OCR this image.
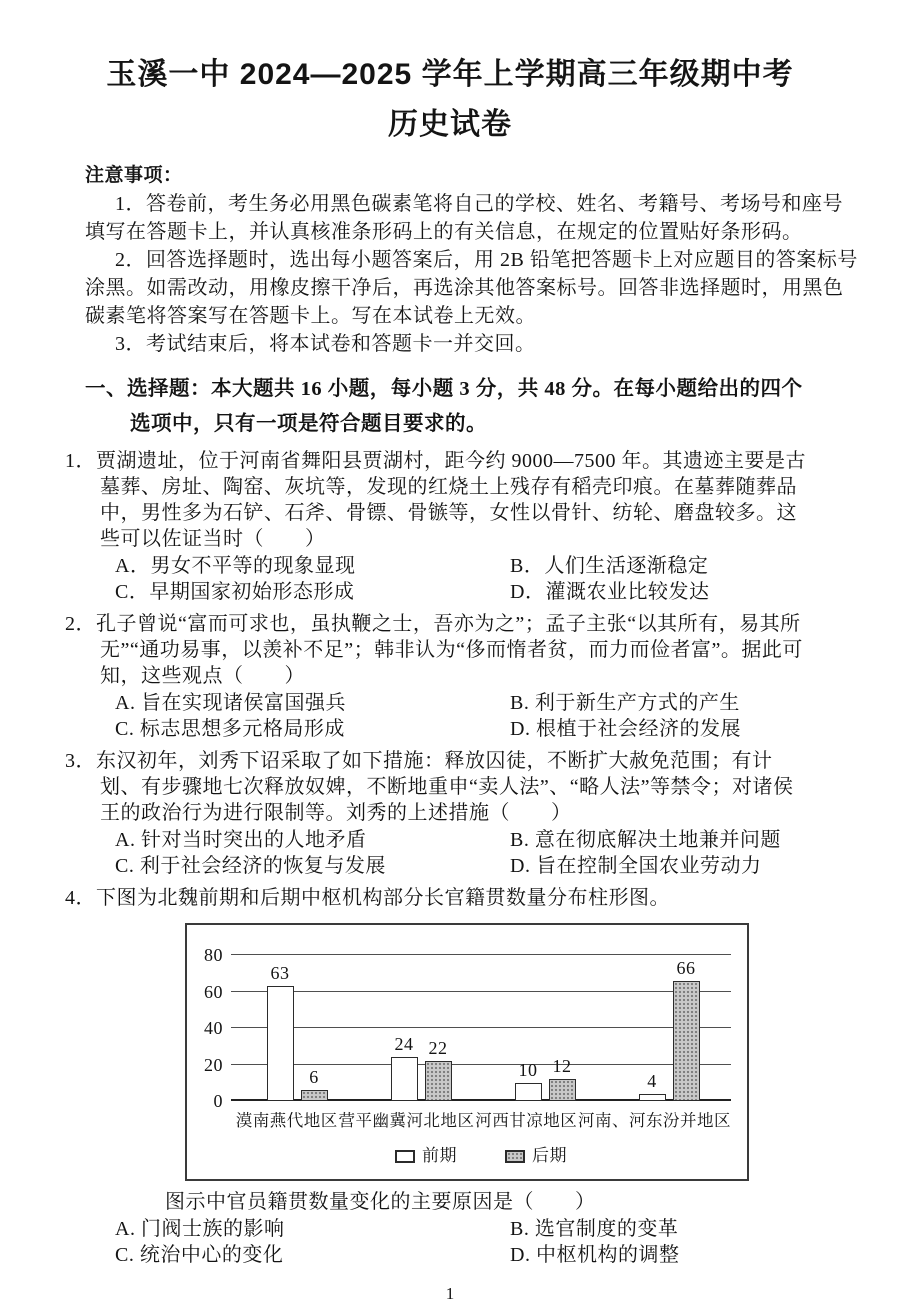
玉溪一中 2024—2025 学年上学期高三年级期中考
历史试卷
注意事项：

1．答卷前，考生务必用黑色碳素笔将自己的学校、姓名、考籍号、考场号和座号填写在答题卡上，并认真核准条形码上的有关信息，在规定的位置贴好条形码。

2．回答选择题时，选出每小题答案后，用 2B 铅笔把答题卡上对应题目的答案标号涂黑。如需改动，用橡皮擦干净后，再选涂其他答案标号。回答非选择题时，用黑色碳素笔将答案写在答题卡上。写在本试卷上无效。

3．考试结束后，将本试卷和答题卡一并交回。

一、选择题：本大题共 16 小题，每小题 3 分，共 48 分。在每小题给出的四个
选项中，只有一项是符合题目要求的。

1．贾湖遗址，位于河南省舞阳县贾湖村，距今约 9000—7500 年。其遗迹主要是古墓葬、房址、陶窑、灰坑等，发现的红烧土上残存有稻壳印痕。在墓葬随葬品中，男性多为石铲、石斧、骨镖、骨镞等，女性以骨针、纺轮、磨盘较多。这些可以佐证当时（　　）

A．男女不平等的现象显现	B．人们生活逐渐稳定
C．早期国家初始形态形成	D．灌溉农业比较发达

2．孔子曾说“富而可求也，虽执鞭之士，吾亦为之”；孟子主张“以其所有，易其所无”“通功易事，以羡补不足”；韩非认为“侈而惰者贫，而力而俭者富”。据此可知，这些观点（　　）

A. 旨在实现诸侯富国强兵	B. 利于新生产方式的产生
C. 标志思想多元格局形成	D. 根植于社会经济的发展

3．东汉初年，刘秀下诏采取了如下措施：释放囚徒，不断扩大赦免范围；有计划、有步骤地七次释放奴婢，不断地重申“卖人法”、“略人法”等禁令；对诸侯王的政治行为进行限制等。刘秀的上述措施（　　）

A. 针对当时突出的人地矛盾	B. 意在彻底解决土地兼并问题
C. 利于社会经济的恢复与发展	D. 旨在控制全国农业劳动力

4．下图为北魏前期和后期中枢机构部分长官籍贯数量分布柱形图。

0
20
40
60
80
63
6
24 22
10 12
4
66
漠南燕代地区 营平幽冀河北地区 河西甘凉地区 河南、河东汾并地区
前期	后期
图示中官员籍贯数量变化的主要原因是（　　）
A. 门阀士族的影响	B. 选官制度的变革
C. 统治中心的变化	D. 中枢机构的调整
1
